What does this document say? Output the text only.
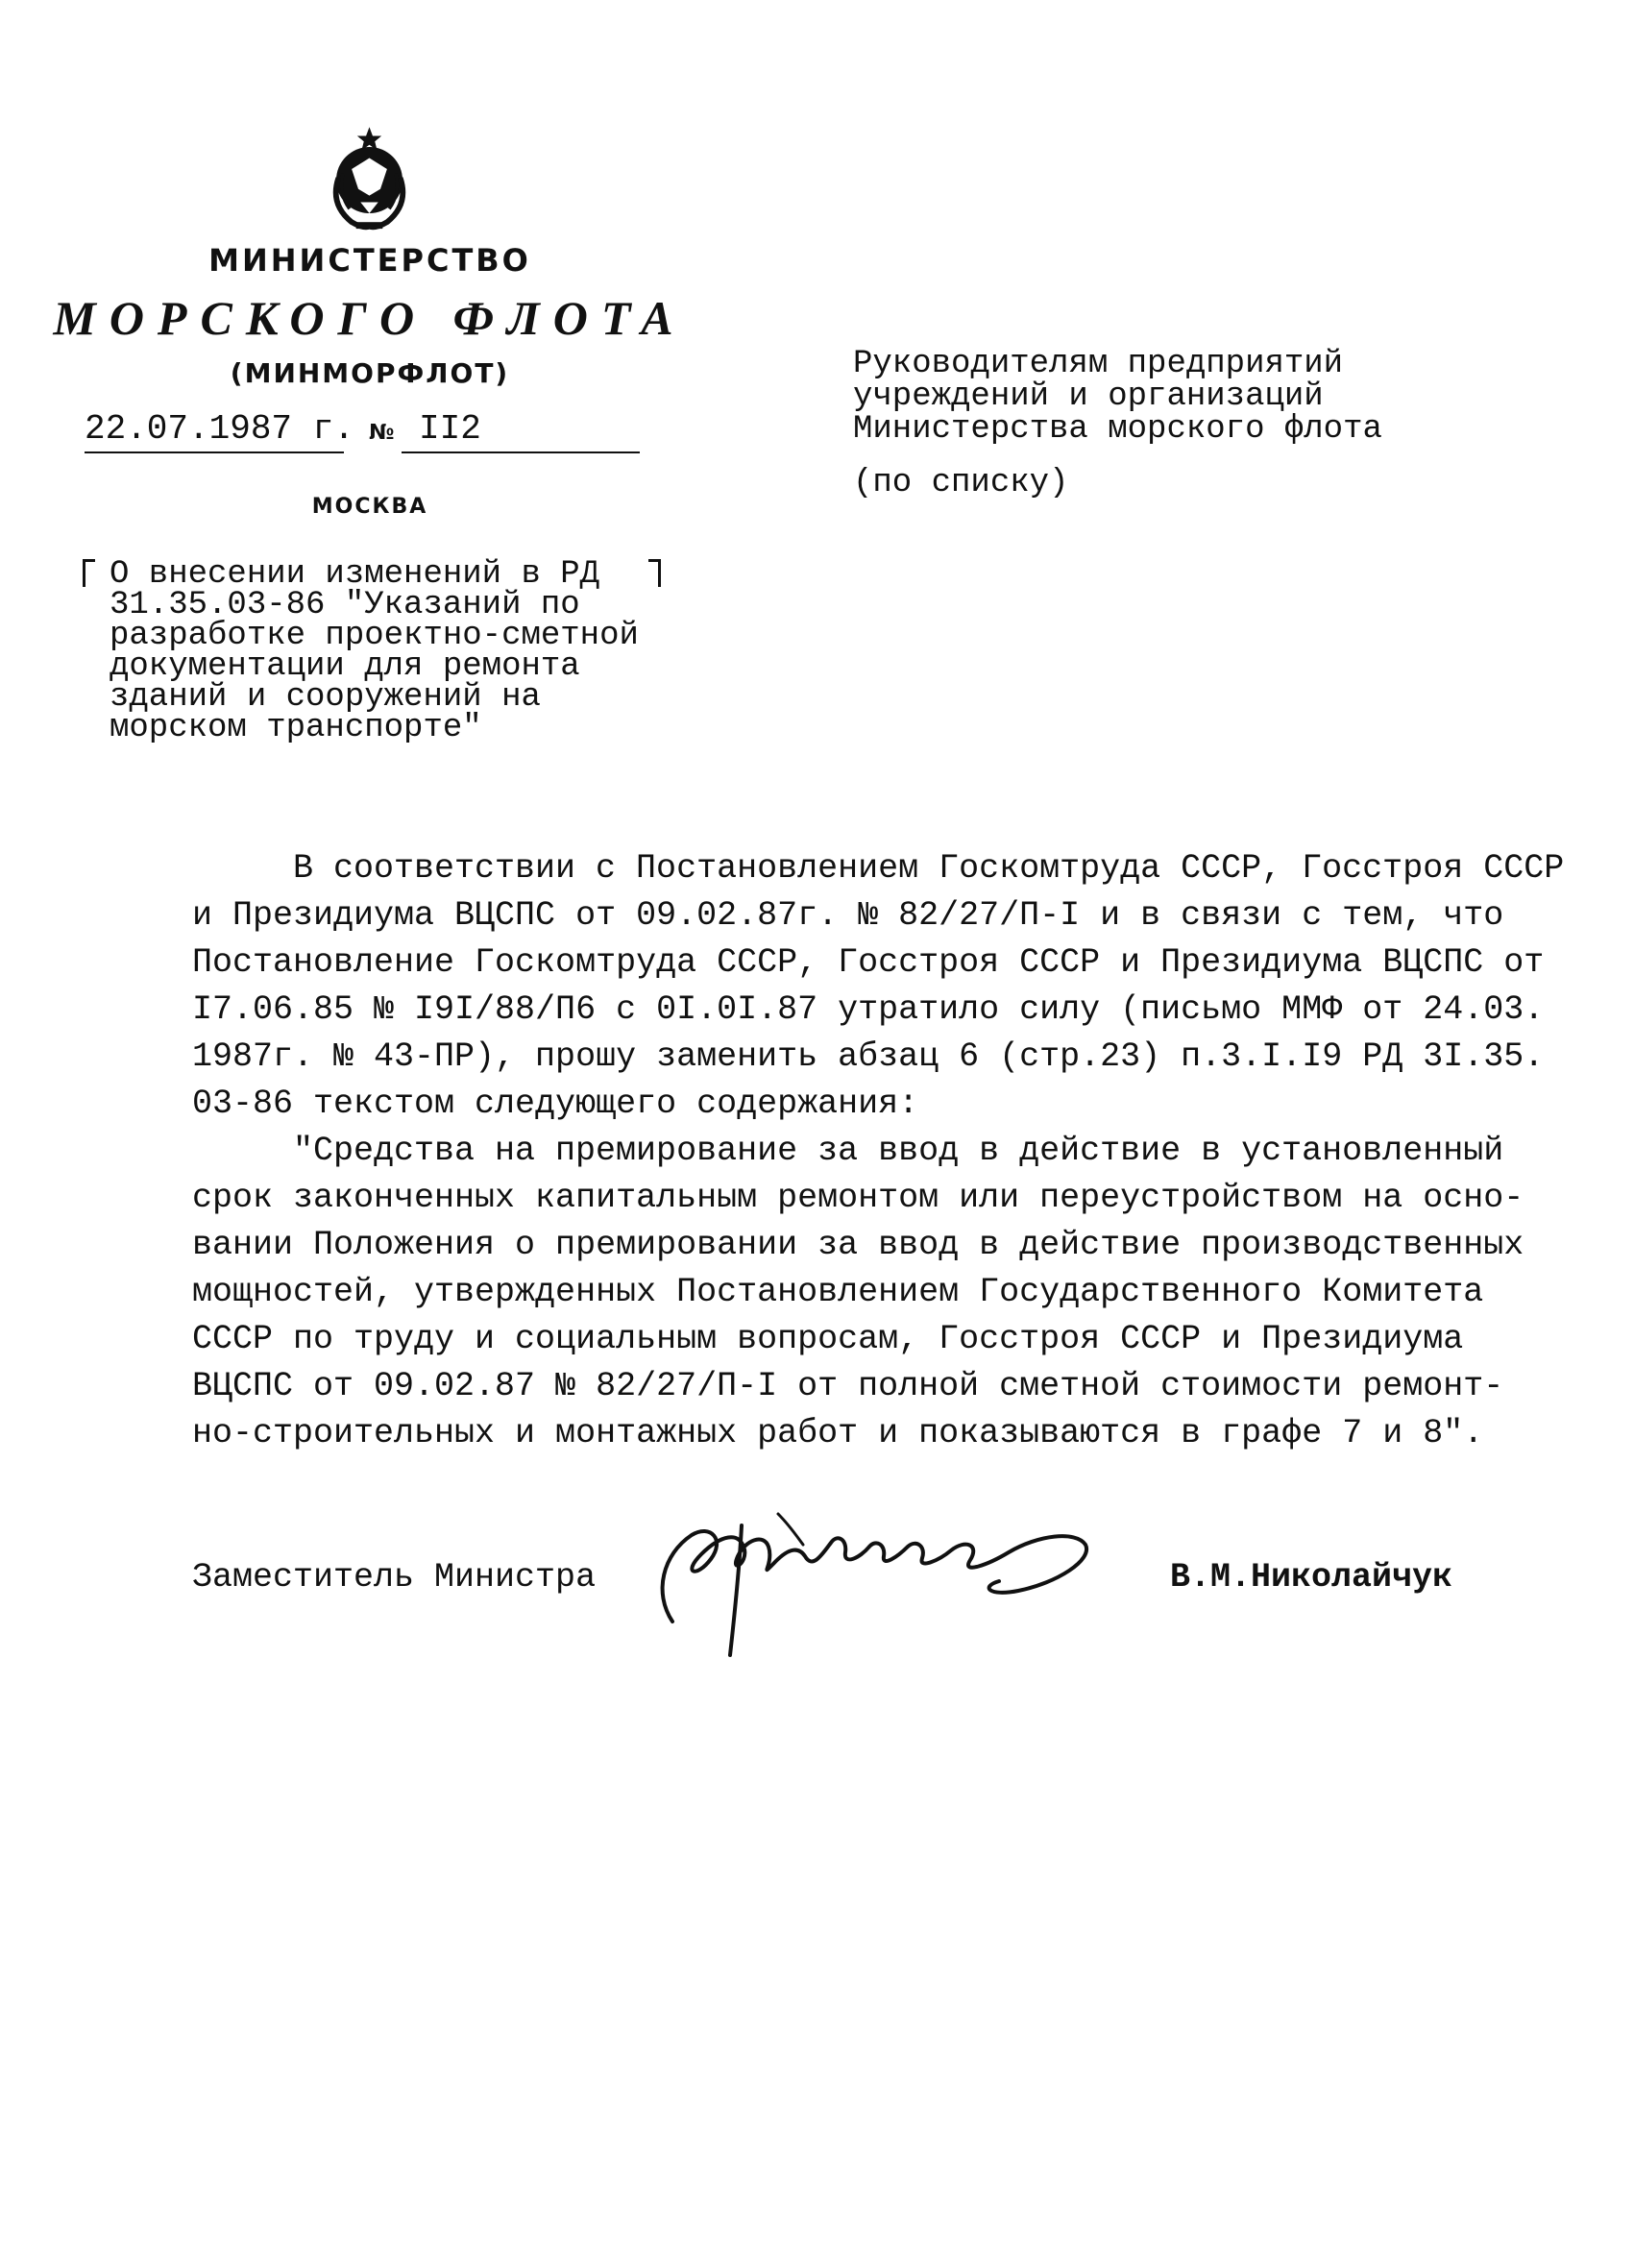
МИНИСТЕРСТВО
МОРСКОГО ФЛОТА
(МИНМОРФЛОТ)
22.07.1987 г. № II2
МОСКВА
Руководителям предприятий
учреждений и организаций
Министерства морского флота
(по списку)
О внесении изменений в РД
31.35.03-86 "Указаний по
разработке проектно-сметной
документации для ремонта
зданий и сооружений на
морском транспорте"

В соответствии с Постановлением Госкомтруда СССР, Госстроя СССР
и Президиума ВЦСПС от 09.02.87г. № 82/27/П-I и в связи с тем, что
Постановление Госкомтруда СССР, Госстроя СССР и Президиума ВЦСПС от
I7.06.85 № I9I/88/П6 с 0I.0I.87 утратило силу (письмо ММФ от 24.03.
1987г. № 43-ПР), прошу заменить абзац 6 (стр.23) п.3.I.I9 РД 3I.35.
03-86 текстом следующего содержания:

"Средства на премирование за ввод в действие в установленный
срок законченных капитальным ремонтом или переустройством на осно-
вании Положения о премировании за ввод в действие производственных
мощностей, утвержденных Постановлением Государственного Комитета
СССР по труду и социальным вопросам, Госстроя СССР и Президиума
ВЦСПС от 09.02.87 № 82/27/П-I от полной сметной стоимости ремонт-
но-строительных и монтажных работ и показываются в графе 7 и 8".

Заместитель Министра	В.М.Николайчук
